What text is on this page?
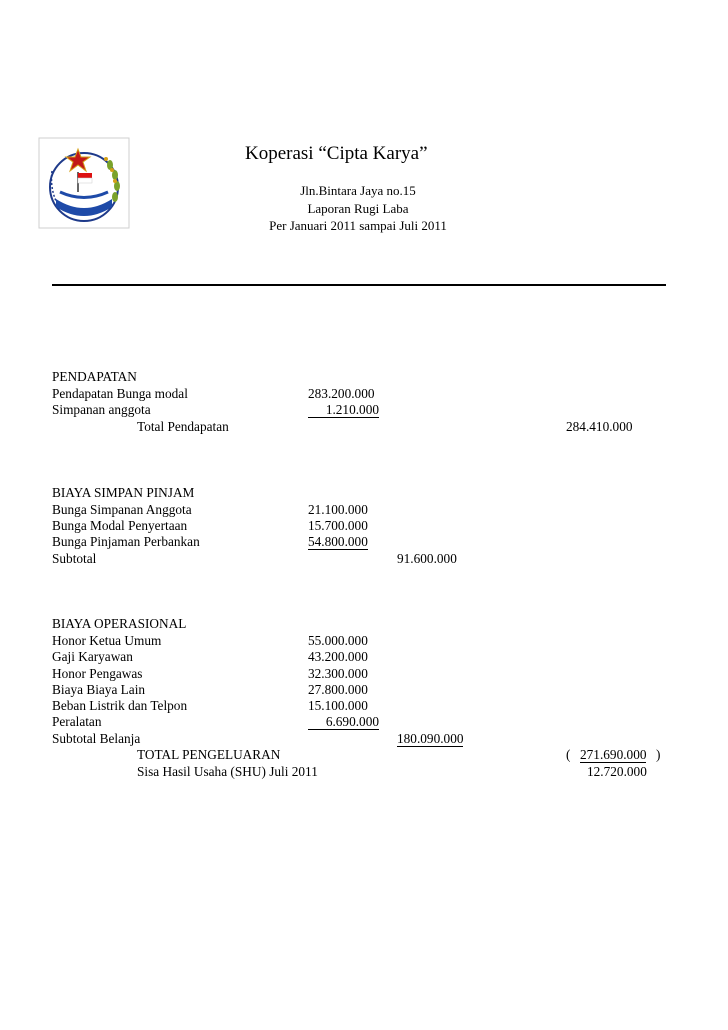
Koperasi “Cipta Karya”
Jln.Bintara Jaya no.15
Laporan Rugi Laba
Per Januari 2011 sampai Juli 2011
PENDAPATAN
Pendapatan Bunga modal	283.200.000
Simpanan anggota	1.210.000
Total Pendapatan	284.410.000
BIAYA SIMPAN PINJAM
Bunga Simpanan Anggota	21.100.000
Bunga Modal Penyertaan	15.700.000
Bunga Pinjaman Perbankan	54.800.000
Subtotal	91.600.000
BIAYA OPERASIONAL
Honor Ketua Umum	55.000.000
Gaji Karyawan	43.200.000
Honor Pengawas	32.300.000
Biaya Biaya Lain	27.800.000
Beban Listrik dan Telpon	15.100.000
Peralatan	6.690.000
Subtotal Belanja	180.090.000
TOTAL PENGELUARAN	( 271.690.000 )
Sisa Hasil Usaha (SHU) Juli 2011	12.720.000
